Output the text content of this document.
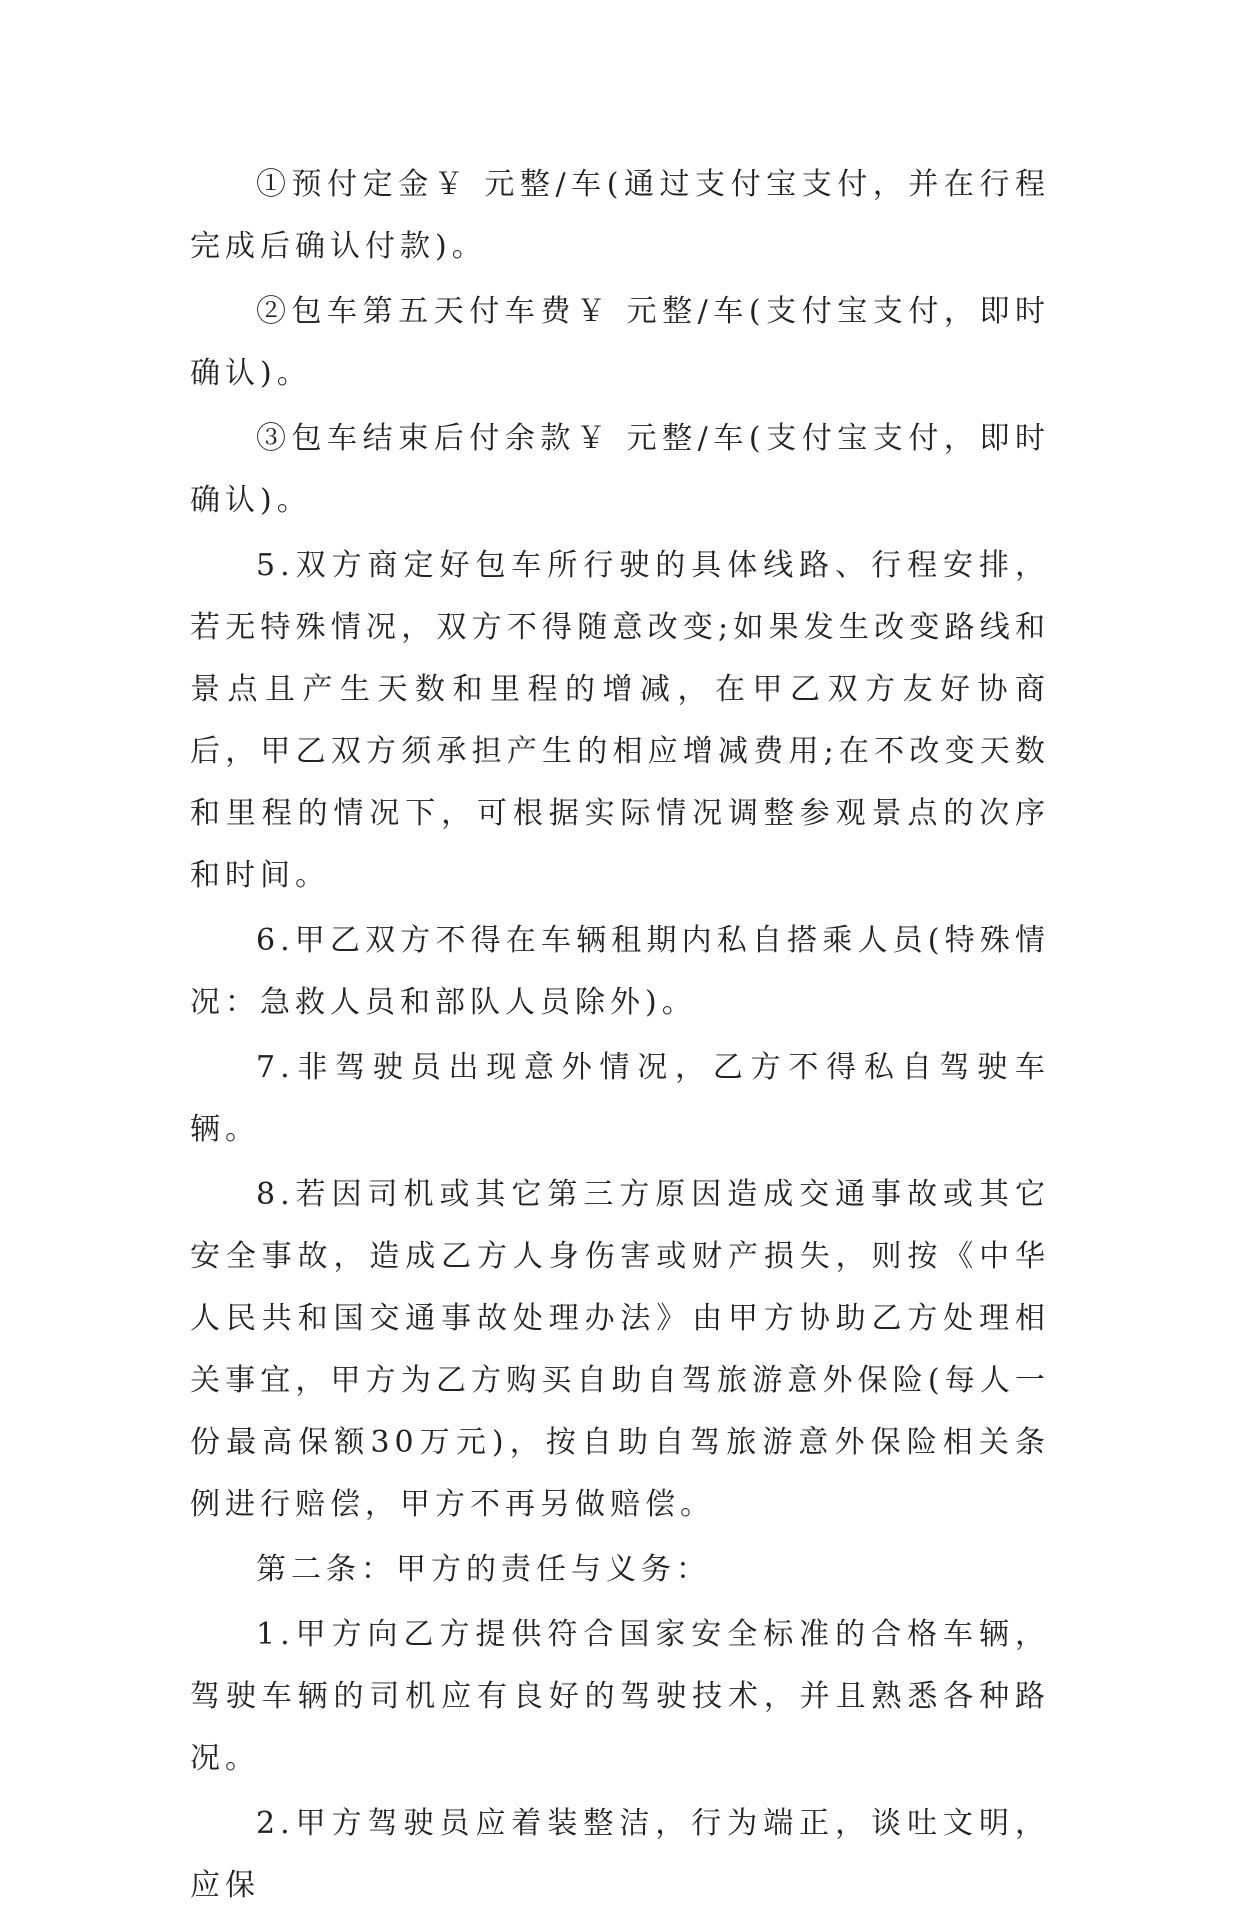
①预付定金￥ 元整/车(通过支付宝支付，并在行程完成后确认付款)。

②包车第五天付车费￥ 元整/车(支付宝支付，即时确认)。

③包车结束后付余款￥ 元整/车(支付宝支付，即时确认)。

5.双方商定好包车所行驶的具体线路、行程安排，若无特殊情况，双方不得随意改变;如果发生改变路线和景点且产生天数和里程的增减，在甲乙双方友好协商后，甲乙双方须承担产生的相应增减费用;在不改变天数和里程的情况下，可根据实际情况调整参观景点的次序和时间。

6.甲乙双方不得在车辆租期内私自搭乘人员(特殊情况：急救人员和部队人员除外)。

7.非驾驶员出现意外情况，乙方不得私自驾驶车辆。

8.若因司机或其它第三方原因造成交通事故或其它安全事故，造成乙方人身伤害或财产损失，则按《中华人民共和国交通事故处理办法》由甲方协助乙方处理相关事宜，甲方为乙方购买自助自驾旅游意外保险(每人一份最高保额30万元)，按自助自驾旅游意外保险相关条例进行赔偿，甲方不再另做赔偿。

第二条：甲方的责任与义务：

1.甲方向乙方提供符合国家安全标准的合格车辆，驾驶车辆的司机应有良好的驾驶技术，并且熟悉各种路况。

2.甲方驾驶员应着装整洁，行为端正，谈吐文明，应保
